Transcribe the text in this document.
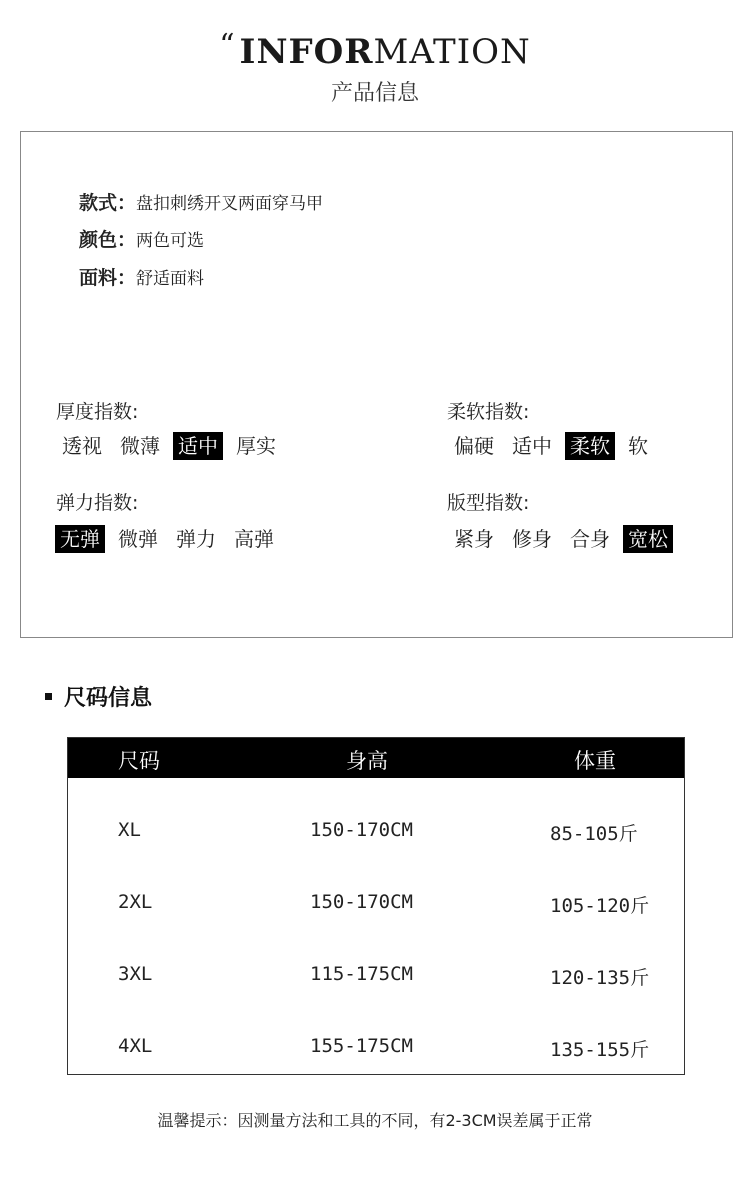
“ INFORMATION
产品信息
款式：盘扣刺绣开叉两面穿马甲
颜色：两色可选
面料：舒适面料
厚度指数:
透视 微薄 适中 厚实
柔软指数:
偏硬 适中 柔软 软
弹力指数:
无弹 微弹 弹力 高弹
版型指数:
紧身 修身 合身 宽松
尺码信息
尺码	身高	体重
XL	150-170CM	85-105斤
2XL	150-170CM	105-120斤
3XL	115-175CM	120-135斤
4XL	155-175CM	135-155斤
温馨提示：因测量方法和工具的不同，有2-3CM误差属于正常
